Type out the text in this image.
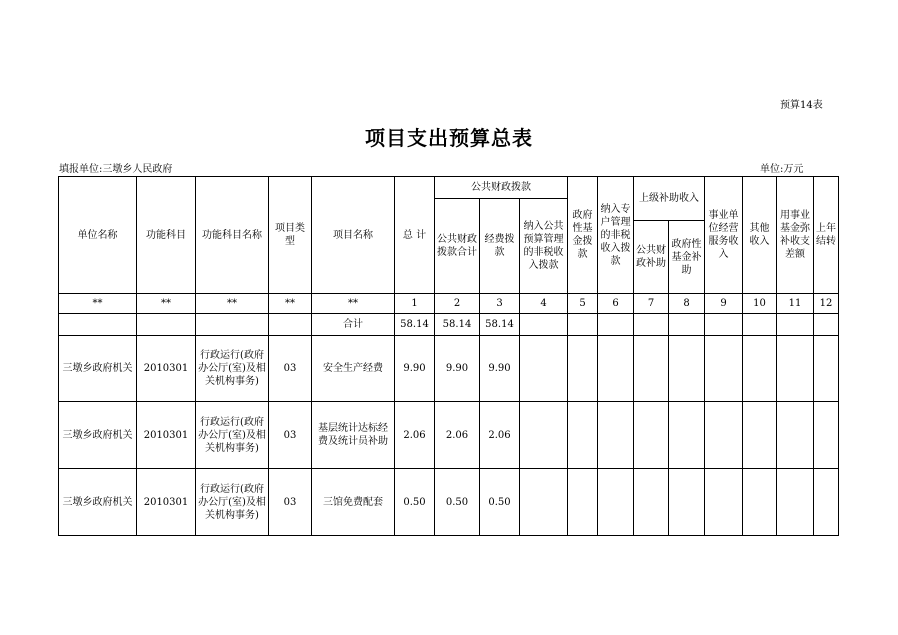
预算14表
项目支出预算总表
填报单位:三墩乡人民政府	单位:万元
单位名称	功能科目	功能科目名称	项目类型	项目名称	总 计	公共财政拨款			政府性基金拨款	纳入专户管理的非税收入拨款	上级补助收入		事业单位经营服务收入	其他收入	用事业基金弥补收支差额	上年结转
						公共财政拨款合计	经费拨款	纳入公共预算管理的非税收入拨款								
											公共财政补助	政府性基金补助				
**	**	**	**	**	1	2	3	4	5	6	7	8	9	10	11	12
				合计	58.14	58.14	58.14									
三墩乡政府机关	2010301	行政运行(政府办公厅(室)及相关机构事务)	03	安全生产经费	9.90	9.90	9.90									
三墩乡政府机关	2010301	行政运行(政府办公厅(室)及相关机构事务)	03	基层统计达标经费及统计员补助	2.06	2.06	2.06									
三墩乡政府机关	2010301	行政运行(政府办公厅(室)及相关机构事务)	03	三馆免费配套	0.50	0.50	0.50									
